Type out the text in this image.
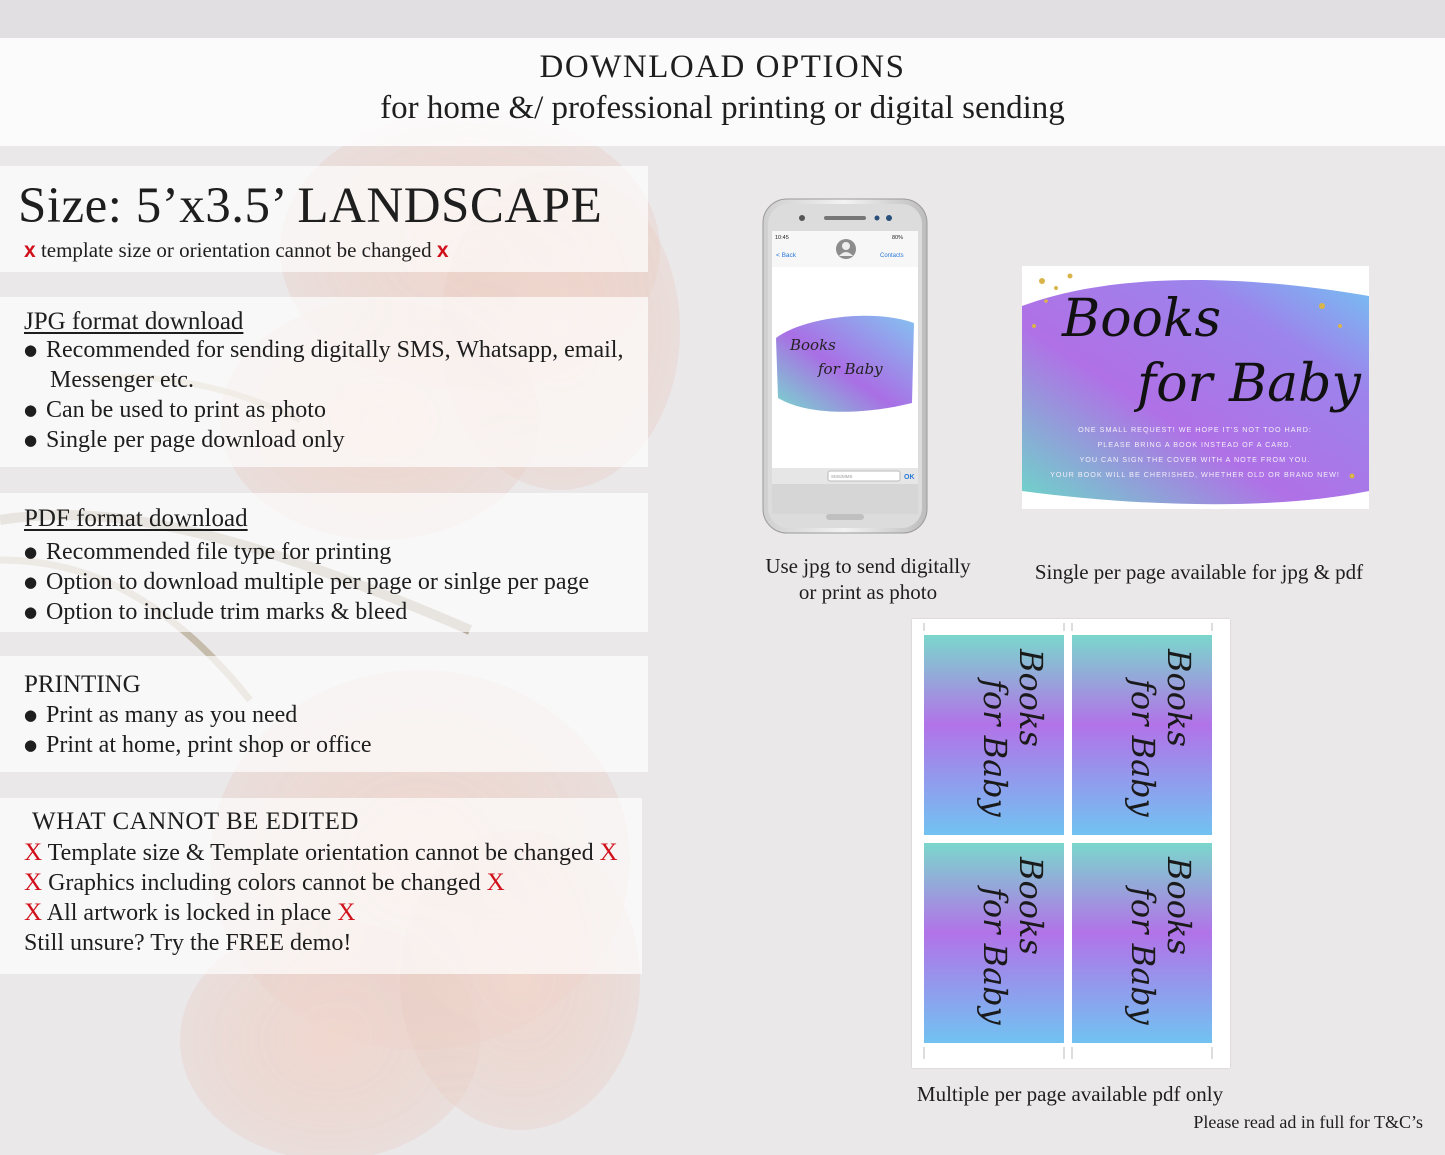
DOWNLOAD OPTIONS
for home &/ professional printing or digital sending
Size: 5’x3.5’ LANDSCAPE
x template size or orientation cannot be changed x
JPG format download
● Recommended for sending digitally SMS, Whatsapp, email,
Messenger etc.
● Can be used to print as photo
● Single per page download only
PDF format download
● Recommended file type for printing
● Option to download multiple per page or sinlge per page
● Option to include trim marks & bleed
PRINTING
● Print as many as you need
● Print at home, print shop or office
WHAT CANNOT BE EDITED
X Template size & Template orientation cannot be changed X
X Graphics including colors cannot be changed X
X All artwork is locked in place X
Still unsure? Try the FREE demo!
10:45	80%
< Back	Contacts
Books
for Baby
SMS/MMS	OK
Use jpg to send digitally
or print as photo
Books
for Baby
ONE SMALL REQUEST! WE HOPE IT'S NOT TOO HARD:
PLEASE BRING A BOOK INSTEAD OF A CARD.
YOU CAN SIGN THE COVER WITH A NOTE FROM YOU.
YOUR BOOK WILL BE CHERISHED, WHETHER OLD OR BRAND NEW!
Single per page available for jpg & pdf
Books
for Baby	Books
for Baby
Books
for Baby	Books
for Baby
Multiple per page available pdf only
Please read ad in full for T&C’s
